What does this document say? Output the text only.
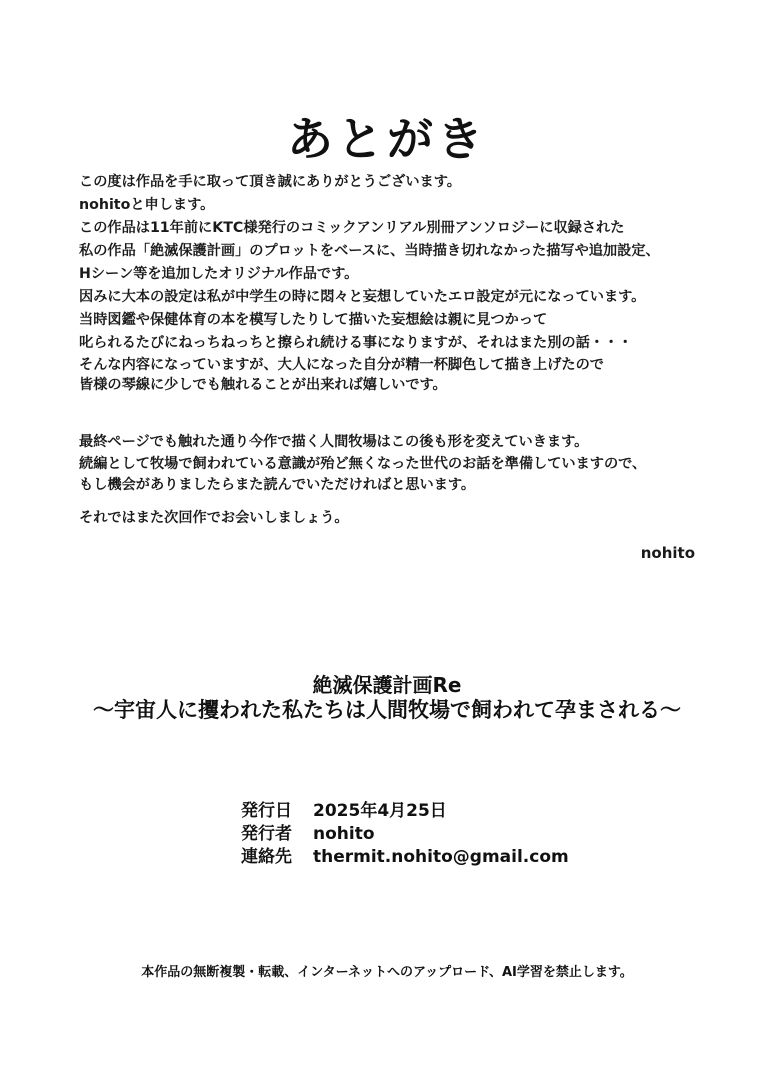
あとがき
この度は作品を手に取って頂き誠にありがとうございます。
nohitoと申します。
この作品は11年前にKTC様発行のコミックアンリアル別冊アンソロジーに収録された
私の作品「絶滅保護計画」のプロットをベースに、当時描き切れなかった描写や追加設定、
Hシーン等を追加したオリジナル作品です。
因みに大本の設定は私が中学生の時に悶々と妄想していたエロ設定が元になっています。
当時図鑑や保健体育の本を模写したりして描いた妄想絵は親に見つかって
叱られるたびにねっちねっちと擦られ続ける事になりますが、それはまた別の話・・・
そんな内容になっていますが、大人になった自分が精一杯脚色して描き上げたので
皆様の琴線に少しでも触れることが出来れば嬉しいです。
最終ページでも触れた通り今作で描く人間牧場はこの後も形を変えていきます。
続編として牧場で飼われている意識が殆ど無くなった世代のお話を準備していますので、
もし機会がありましたらまた読んでいただければと思います。
それではまた次回作でお会いしましょう。
nohito
絶滅保護計画Re
〜宇宙人に攫われた私たちは人間牧場で飼われて孕まされる〜
発行日	2025年4月25日
発行者	nohito
連絡先	thermit.nohito@gmail.com
本作品の無断複製・転載、インターネットへのアップロード、AI学習を禁止します。
